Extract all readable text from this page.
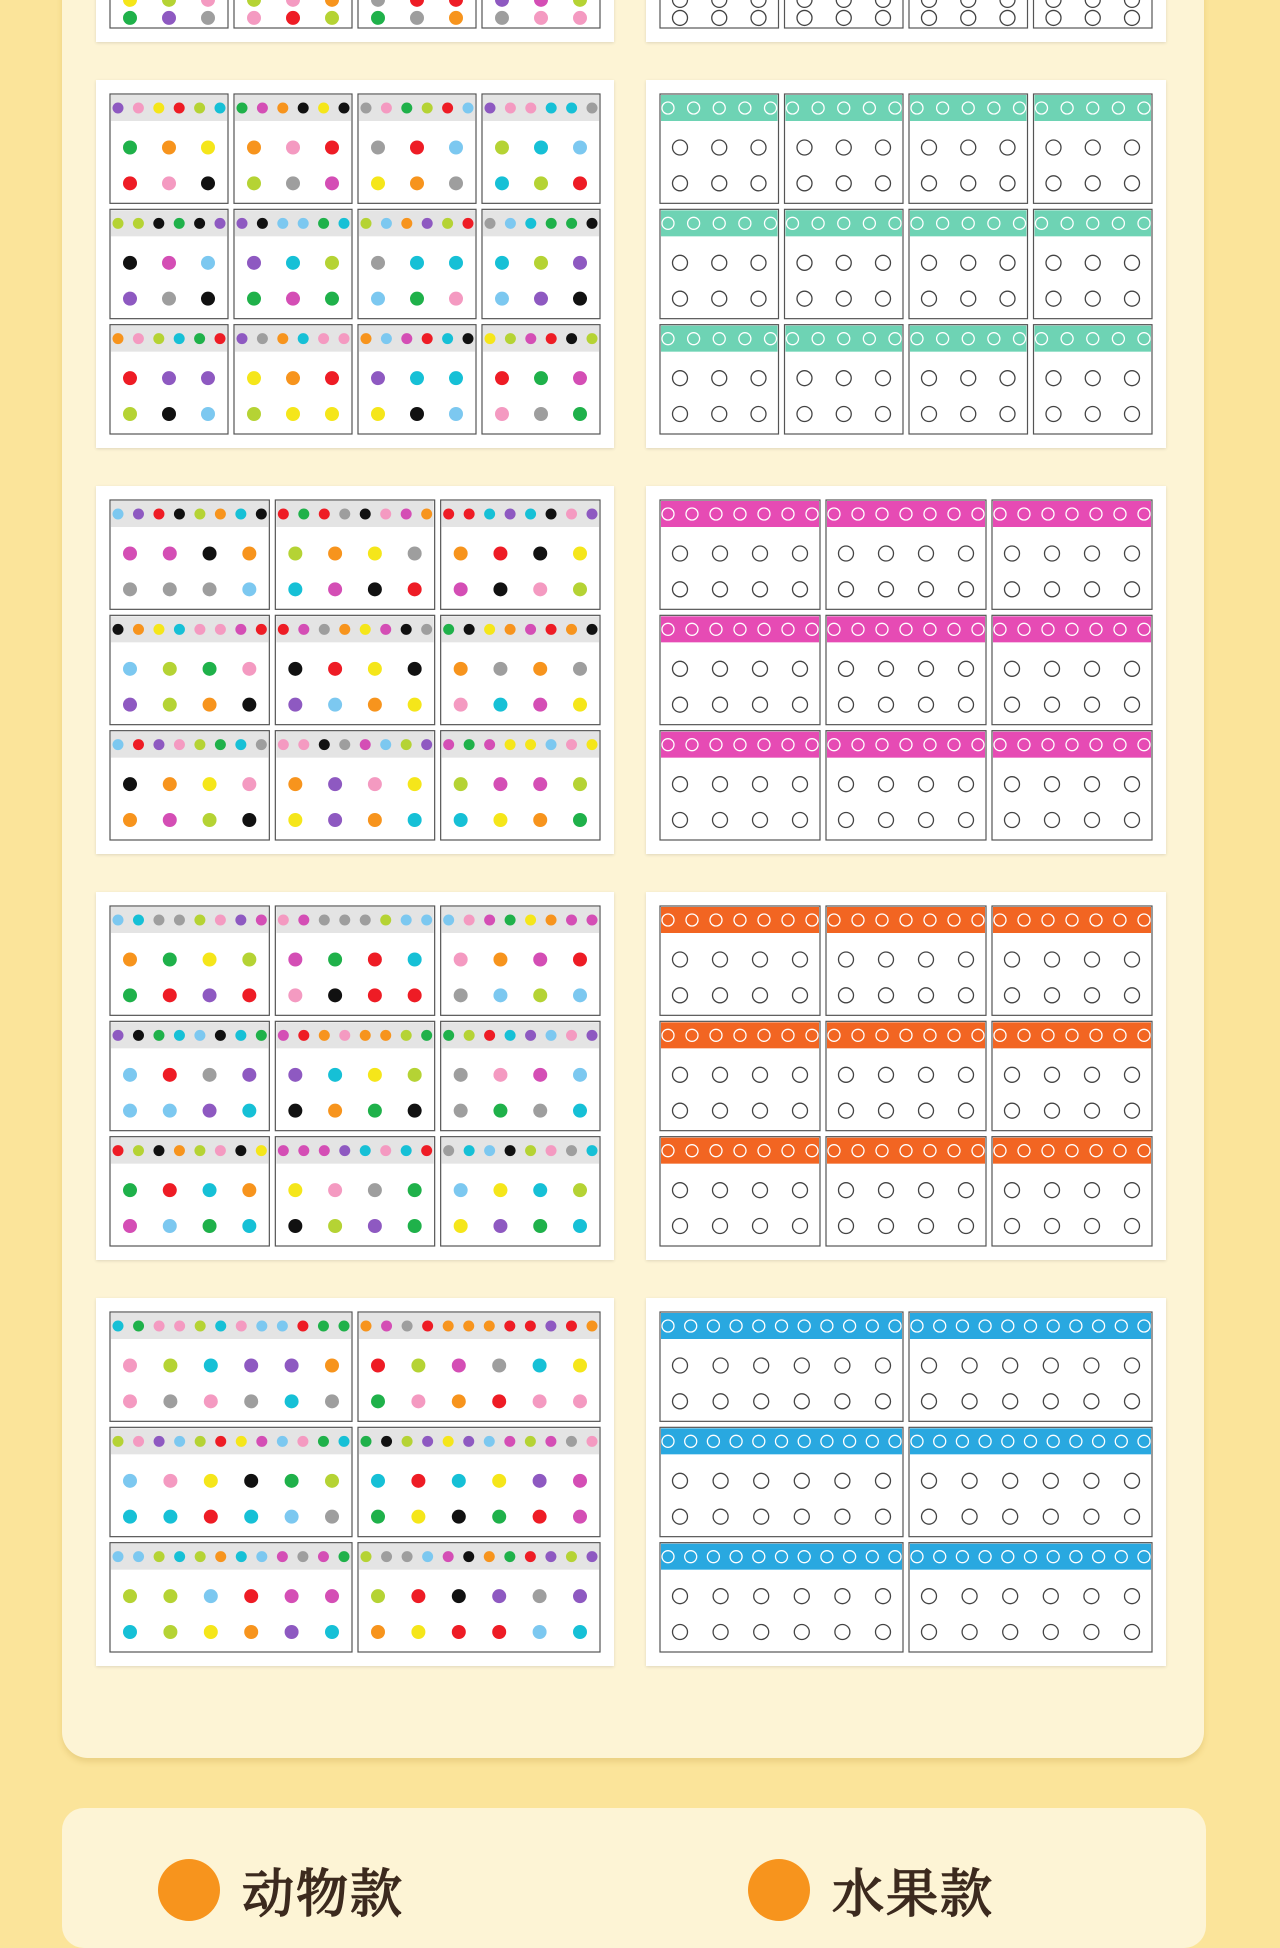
动物款	水果款
